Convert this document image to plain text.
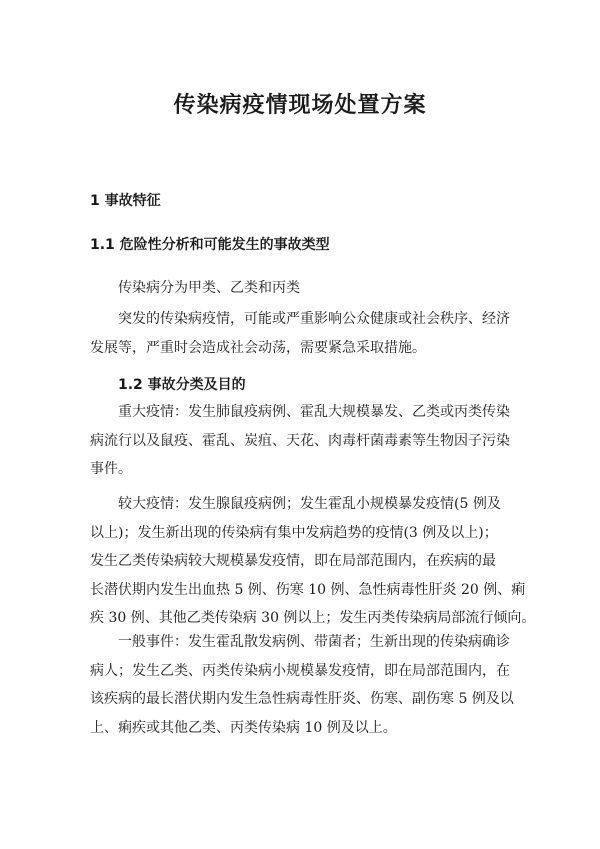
传染病疫情现场处置方案
1 事故特征
1.1 危险性分析和可能发生的事故类型

传染病分为甲类、乙类和丙类

突发的传染病疫情，可能或严重影响公众健康或社会秩序、经济
发展等，严重时会造成社会动荡，需要紧急采取措施。

1.2 事故分类及目的

重大疫情：发生肺鼠疫病例、霍乱大规模暴发、乙类或丙类传染
病流行以及鼠疫、霍乱、炭疽、天花、肉毒杆菌毒素等生物因子污染
事件。

较大疫情：发生腺鼠疫病例；发生霍乱小规模暴发疫情(5 例及
以上)；发生新出现的传染病有集中发病趋势的疫情(3 例及以上)；
发生乙类传染病较大规模暴发疫情，即在局部范围内，在疾病的最
长潜伏期内发生出血热 5 例、伤寒 10 例、急性病毒性肝炎 20 例、痢
疾 30 例、其他乙类传染病 30 例以上；发生丙类传染病局部流行倾向。

一般事件：发生霍乱散发病例、带菌者；生新出现的传染病确诊
病人；发生乙类、丙类传染病小规模暴发疫情，即在局部范围内，在
该疾病的最长潜伏期内发生急性病毒性肝炎、伤寒、副伤寒 5 例及以
上、痢疾或其他乙类、丙类传染病 10 例及以上。
